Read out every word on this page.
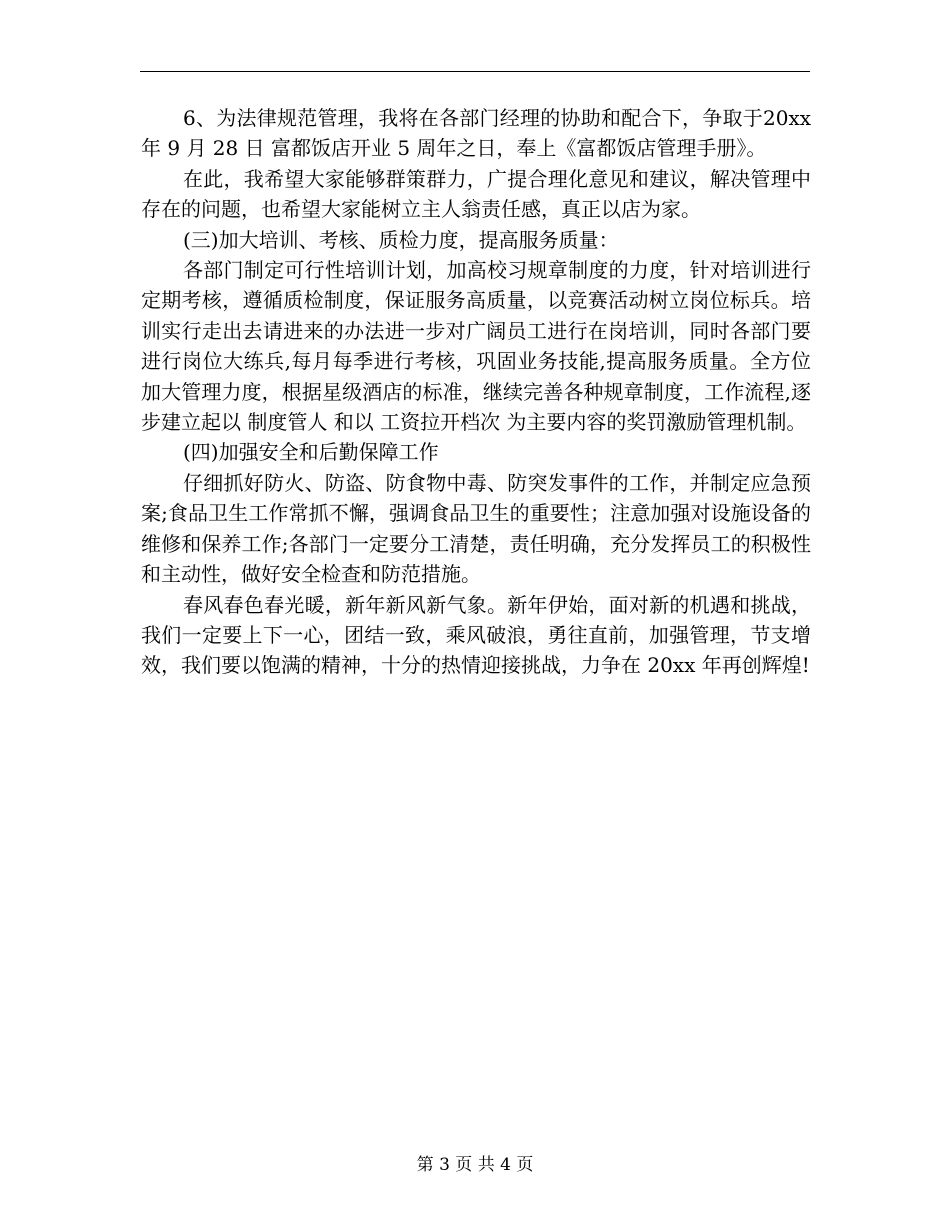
6、为法律规范管理，我将在各部门经理的协助和配合下，争取于20xx 年 9 月 28 日 富都饭店开业 5 周年之日，奉上《富都饭店管理手册》。

在此，我希望大家能够群策群力，广提合理化意见和建议，解决管理中存在的问题，也希望大家能树立主人翁责任感，真正以店为家。

(三)加大培训、考核、质检力度，提高服务质量：

各部门制定可行性培训计划，加高校习规章制度的力度，针对培训进行定期考核，遵循质检制度，保证服务高质量，以竞赛活动树立岗位标兵。培训实行走出去请进来的办法进一步对广阔员工进行在岗培训，同时各部门要进行岗位大练兵,每月每季进行考核，巩固业务技能,提高服务质量。全方位加大管理力度，根据星级酒店的标准，继续完善各种规章制度，工作流程,逐步建立起以 制度管人 和以 工资拉开档次 为主要内容的奖罚激励管理机制。

(四)加强安全和后勤保障工作

仔细抓好防火、防盗、防食物中毒、防突发事件的工作，并制定应急预案;食品卫生工作常抓不懈，强调食品卫生的重要性；注意加强对设施设备的维修和保养工作;各部门一定要分工清楚，责任明确，充分发挥员工的积极性和主动性，做好安全检查和防范措施。

春风春色春光暖，新年新风新气象。新年伊始，面对新的机遇和挑战，我们一定要上下一心，团结一致，乘风破浪，勇往直前，加强管理，节支增效，我们要以饱满的精神，十分的热情迎接挑战，力争在 20xx 年再创辉煌!

第 3 页 共 4 页
